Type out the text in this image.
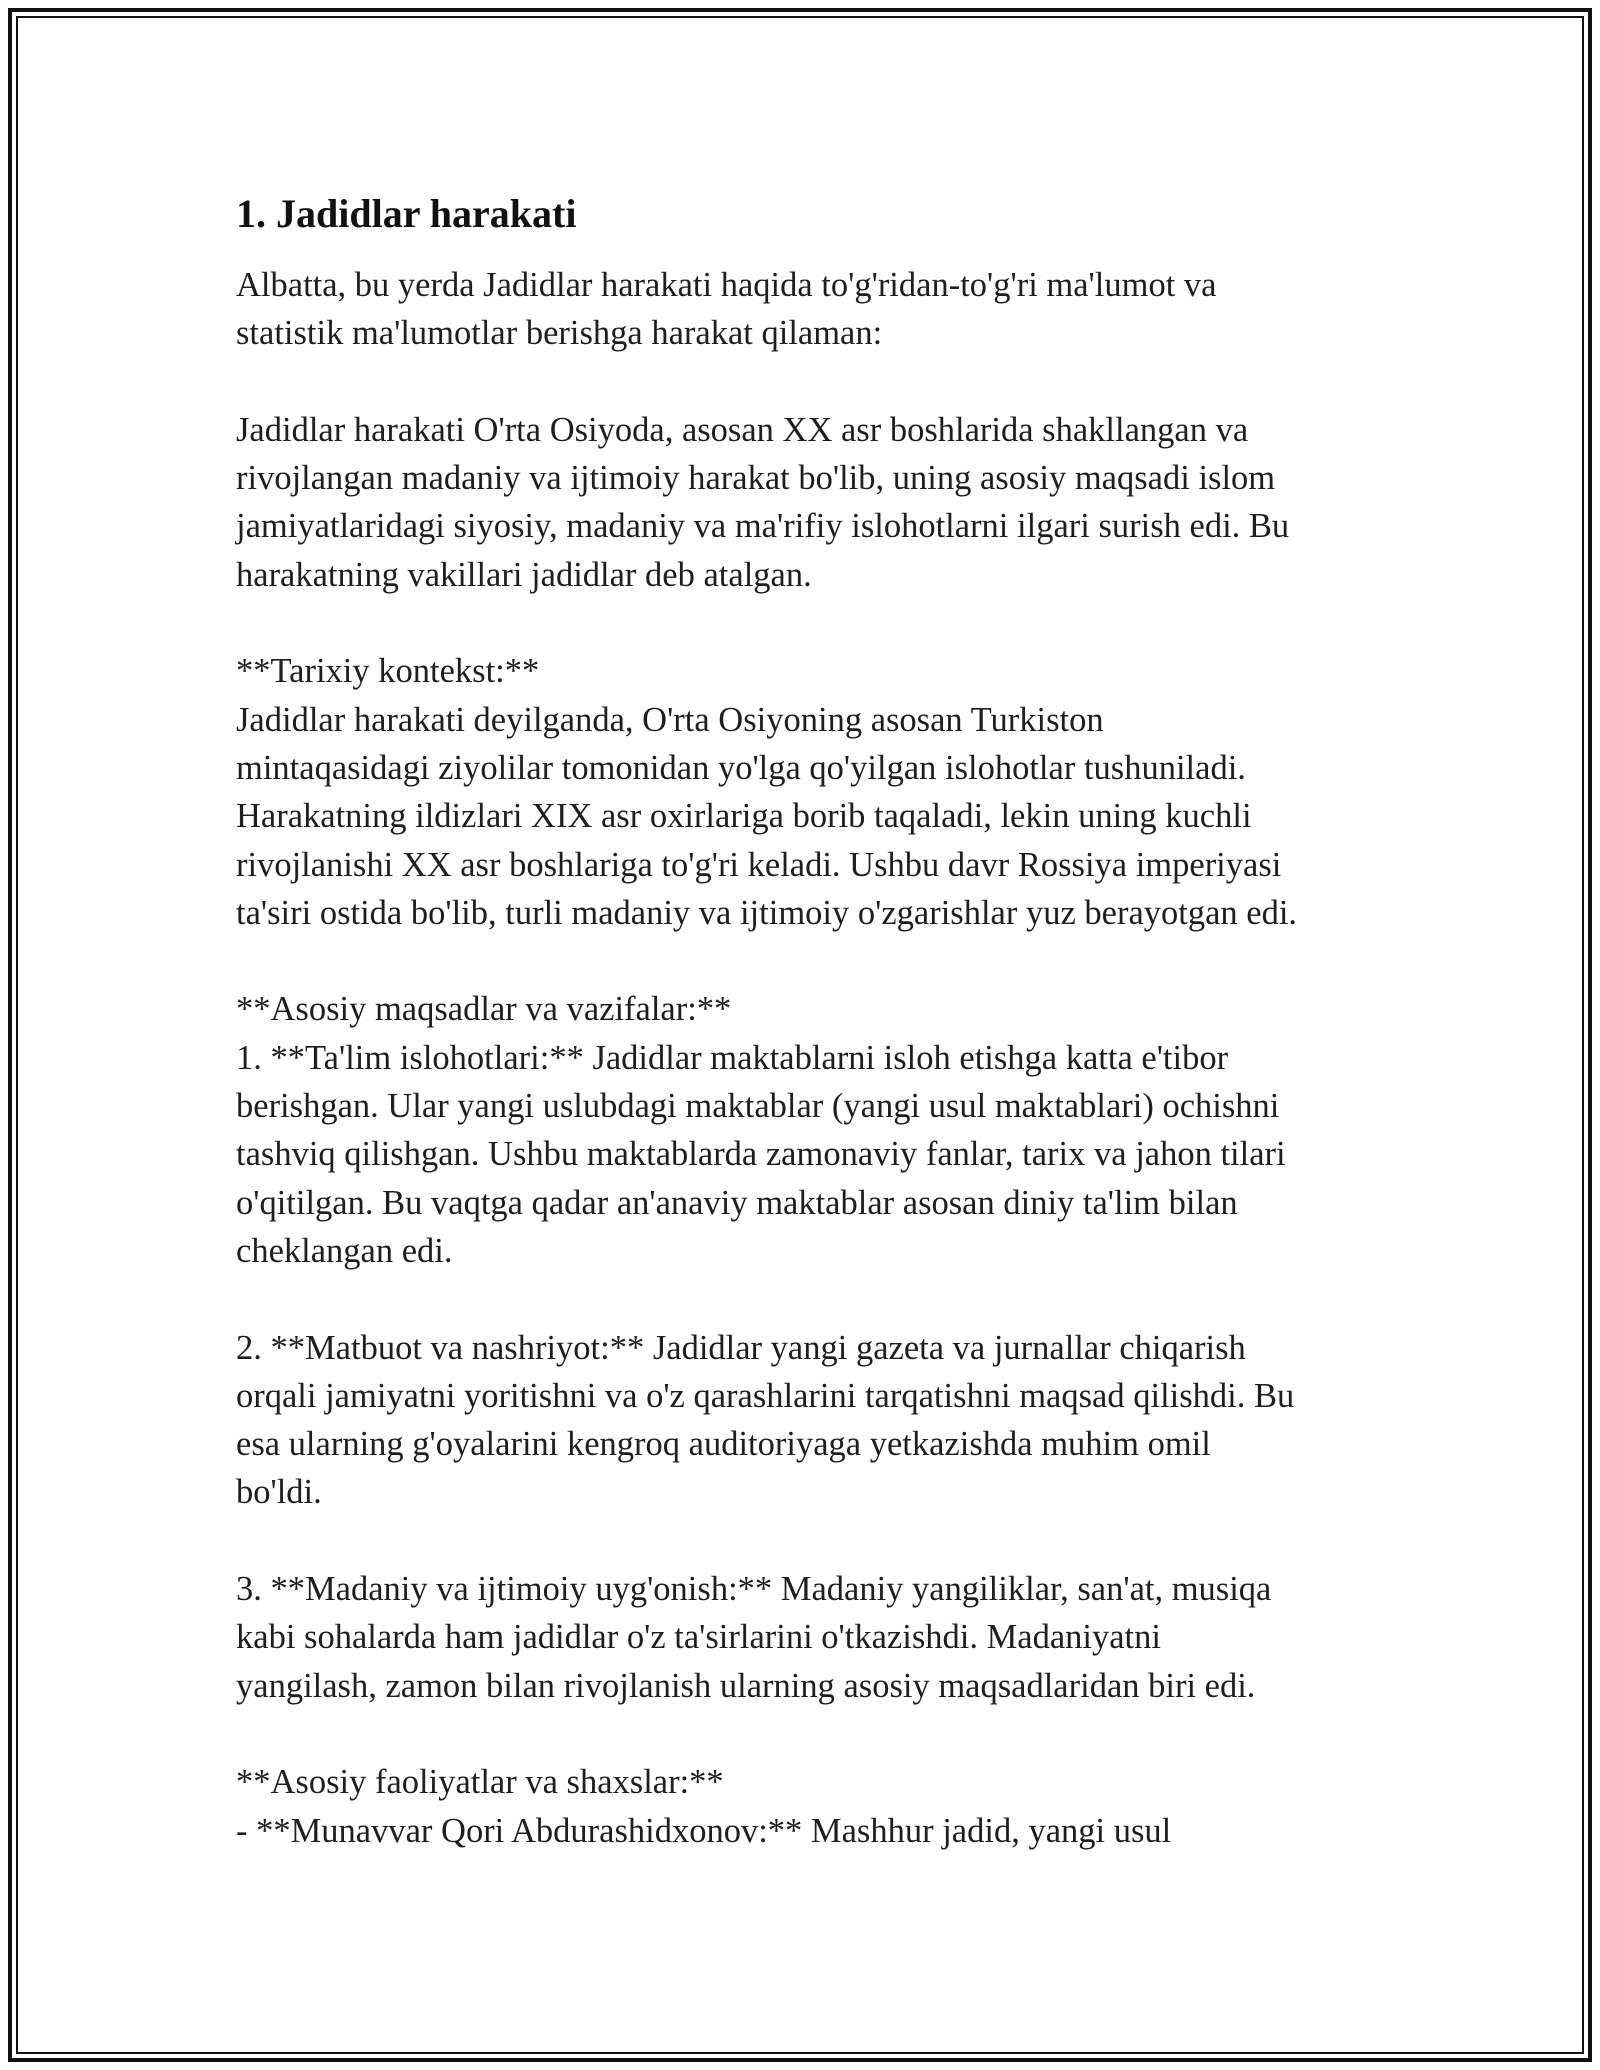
1. Jadidlar harakati
Albatta, bu yerda Jadidlar harakati haqida to'g'ridan-to'g'ri ma'lumot va
statistik ma'lumotlar berishga harakat qilaman:
Jadidlar harakati O'rta Osiyoda, asosan XX asr boshlarida shakllangan va
rivojlangan madaniy va ijtimoiy harakat bo'lib, uning asosiy maqsadi islom
jamiyatlaridagi siyosiy, madaniy va ma'rifiy islohotlarni ilgari surish edi. Bu
harakatning vakillari jadidlar deb atalgan.
**Tarixiy kontekst:**
Jadidlar harakati deyilganda, O'rta Osiyoning asosan Turkiston
mintaqasidagi ziyolilar tomonidan yo'lga qo'yilgan islohotlar tushuniladi.
Harakatning ildizlari XIX asr oxirlariga borib taqaladi, lekin uning kuchli
rivojlanishi XX asr boshlariga to'g'ri keladi. Ushbu davr Rossiya imperiyasi
ta'siri ostida bo'lib, turli madaniy va ijtimoiy o'zgarishlar yuz berayotgan edi.
**Asosiy maqsadlar va vazifalar:**
1. **Ta'lim islohotlari:** Jadidlar maktablarni isloh etishga katta e'tibor
berishgan. Ular yangi uslubdagi maktablar (yangi usul maktablari) ochishni
tashviq qilishgan. Ushbu maktablarda zamonaviy fanlar, tarix va jahon tilari
o'qitilgan. Bu vaqtga qadar an'anaviy maktablar asosan diniy ta'lim bilan
cheklangan edi.
2. **Matbuot va nashriyot:** Jadidlar yangi gazeta va jurnallar chiqarish
orqali jamiyatni yoritishni va o'z qarashlarini tarqatishni maqsad qilishdi. Bu
esa ularning g'oyalarini kengroq auditoriyaga yetkazishda muhim omil
bo'ldi.
3. **Madaniy va ijtimoiy uyg'onish:** Madaniy yangiliklar, san'at, musiqa
kabi sohalarda ham jadidlar o'z ta'sirlarini o'tkazishdi. Madaniyatni
yangilash, zamon bilan rivojlanish ularning asosiy maqsadlaridan biri edi.
**Asosiy faoliyatlar va shaxslar:**
- **Munavvar Qori Abdurashidxonov:** Mashhur jadid, yangi usul
